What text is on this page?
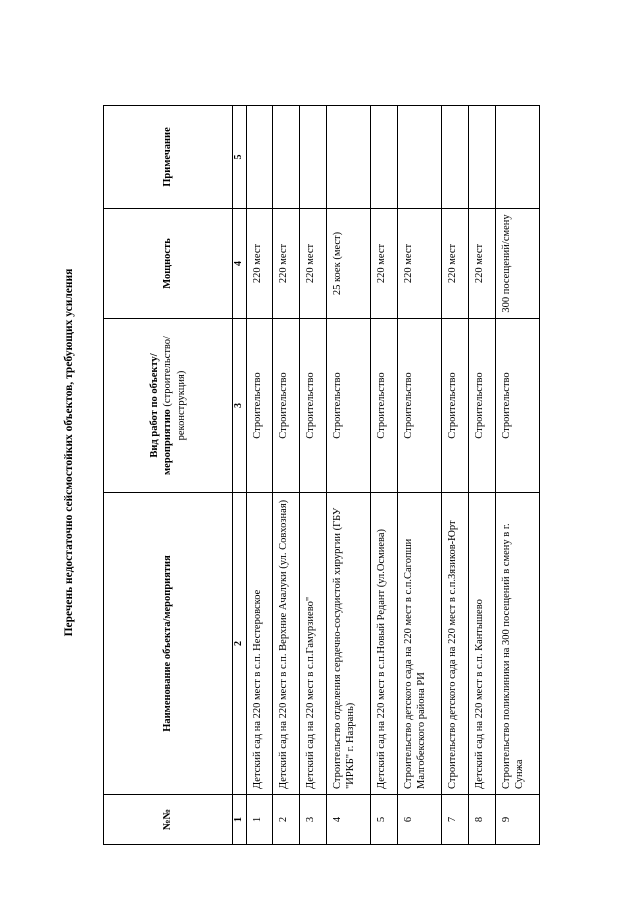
Перечень недостаточно сейсмостойких объектов, требующих усиления
№№	Наименование объекта/мероприятия	Вид работ по объекту/ мероприятию (строительство/ реконструкция)	Мощность	Примечание
1	2	3	4	5
1	Детский сад на 220 мест в с.п. Нестеровское	Строительство	220 мест	
2	Детский сад на 220 мест в с.п. Верхние Ачалуки (ул. Совхозная)	Строительство	220 мест	
3	Детский сад на 220 мест в с.п.Гамурзиево"	Строительство	220 мест	
4	Строительство отделения сердечно-сосудистой хирургии (ГБУ "ИРКБ" г. Назрань)	Строительство	25 коек (мест)	
5	Детский сад на 220 мест в с.п.Новый Редант (ул.Осмиева)	Строительство	220 мест	
6	Строительство детского сада на 220 мест в с.п.Сагопши Малгобекского района РИ	Строительство	220 мест	
7	Строительство детского сада на 220 мест в с.п.Зязиков-Юрт	Строительство	220 мест	
8	Детский сад на 220 мест в с.п. Кантышево	Строительство	220 мест	
9	Строительство поликлиники на 300 посещений в смену в г. Сунжа	Строительство	300 посещений/смену	
